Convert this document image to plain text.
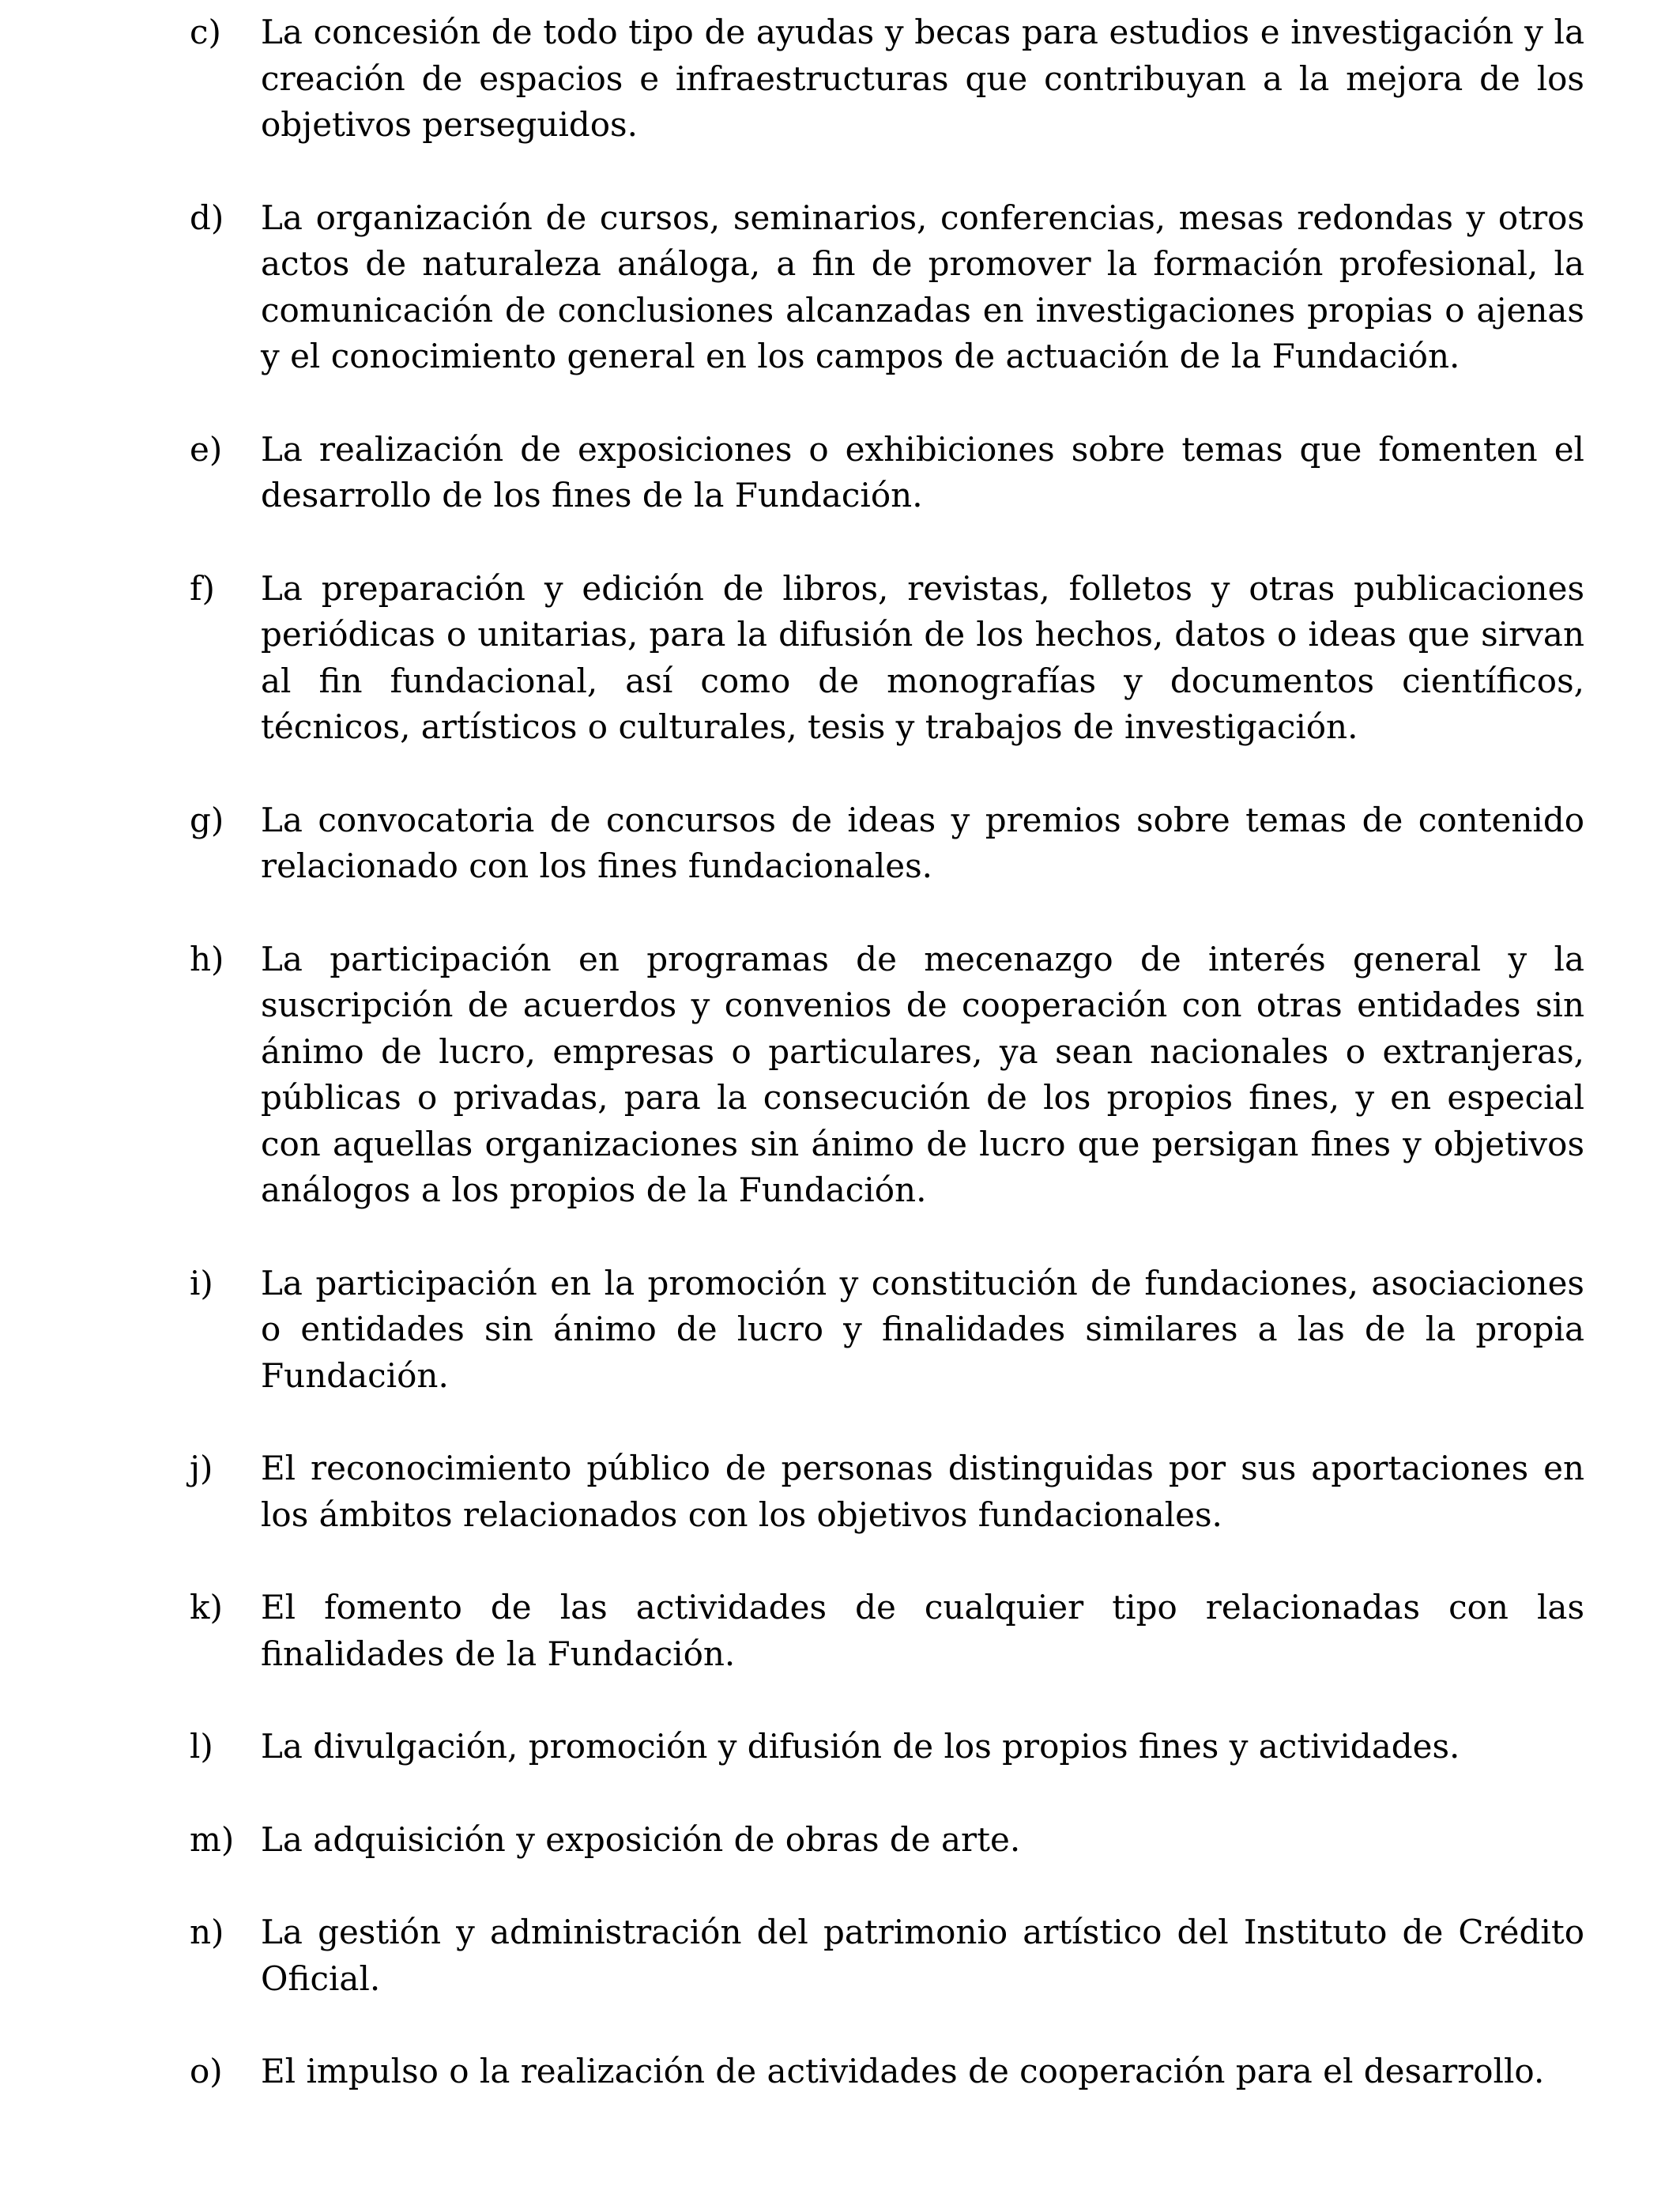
c) La concesión de todo tipo de ayudas y becas para estudios e investigación y la creación de espacios e infraestructuras que contribuyan a la mejora de los objetivos perseguidos.
d) La organización de cursos, seminarios, conferencias, mesas redondas y otros actos de naturaleza análoga, a fin de promover la formación profesional, la comunicación de conclusiones alcanzadas en investigaciones propias o ajenas y el conocimiento general en los campos de actuación de la Fundación.
e) La realización de exposiciones o exhibiciones sobre temas que fomenten el desarrollo de los fines de la Fundación.
f) La preparación y edición de libros, revistas, folletos y otras publicaciones periódicas o unitarias, para la difusión de los hechos, datos o ideas que sirvan al fin fundacional, así como de monografías y documentos científicos, técnicos, artísticos o culturales, tesis y trabajos de investigación.
g) La convocatoria de concursos de ideas y premios sobre temas de contenido relacionado con los fines fundacionales.
h) La participación en programas de mecenazgo de interés general y la suscripción de acuerdos y convenios de cooperación con otras entidades sin ánimo de lucro, empresas o particulares, ya sean nacionales o extranjeras, públicas o privadas, para la consecución de los propios fines, y en especial con aquellas organizaciones sin ánimo de lucro que persigan fines y objetivos análogos a los propios de la Fundación.
i) La participación en la promoción y constitución de fundaciones, asociaciones o entidades sin ánimo de lucro y finalidades similares a las de la propia Fundación.
j) El reconocimiento público de personas distinguidas por sus aportaciones en los ámbitos relacionados con los objetivos fundacionales.
k) El fomento de las actividades de cualquier tipo relacionadas con las finalidades de la Fundación.
l) La divulgación, promoción y difusión de los propios fines y actividades.
m) La adquisición y exposición de obras de arte.
n) La gestión y administración del patrimonio artístico del Instituto de Crédito Oficial.
o) El impulso o la realización de actividades de cooperación para el desarrollo.
